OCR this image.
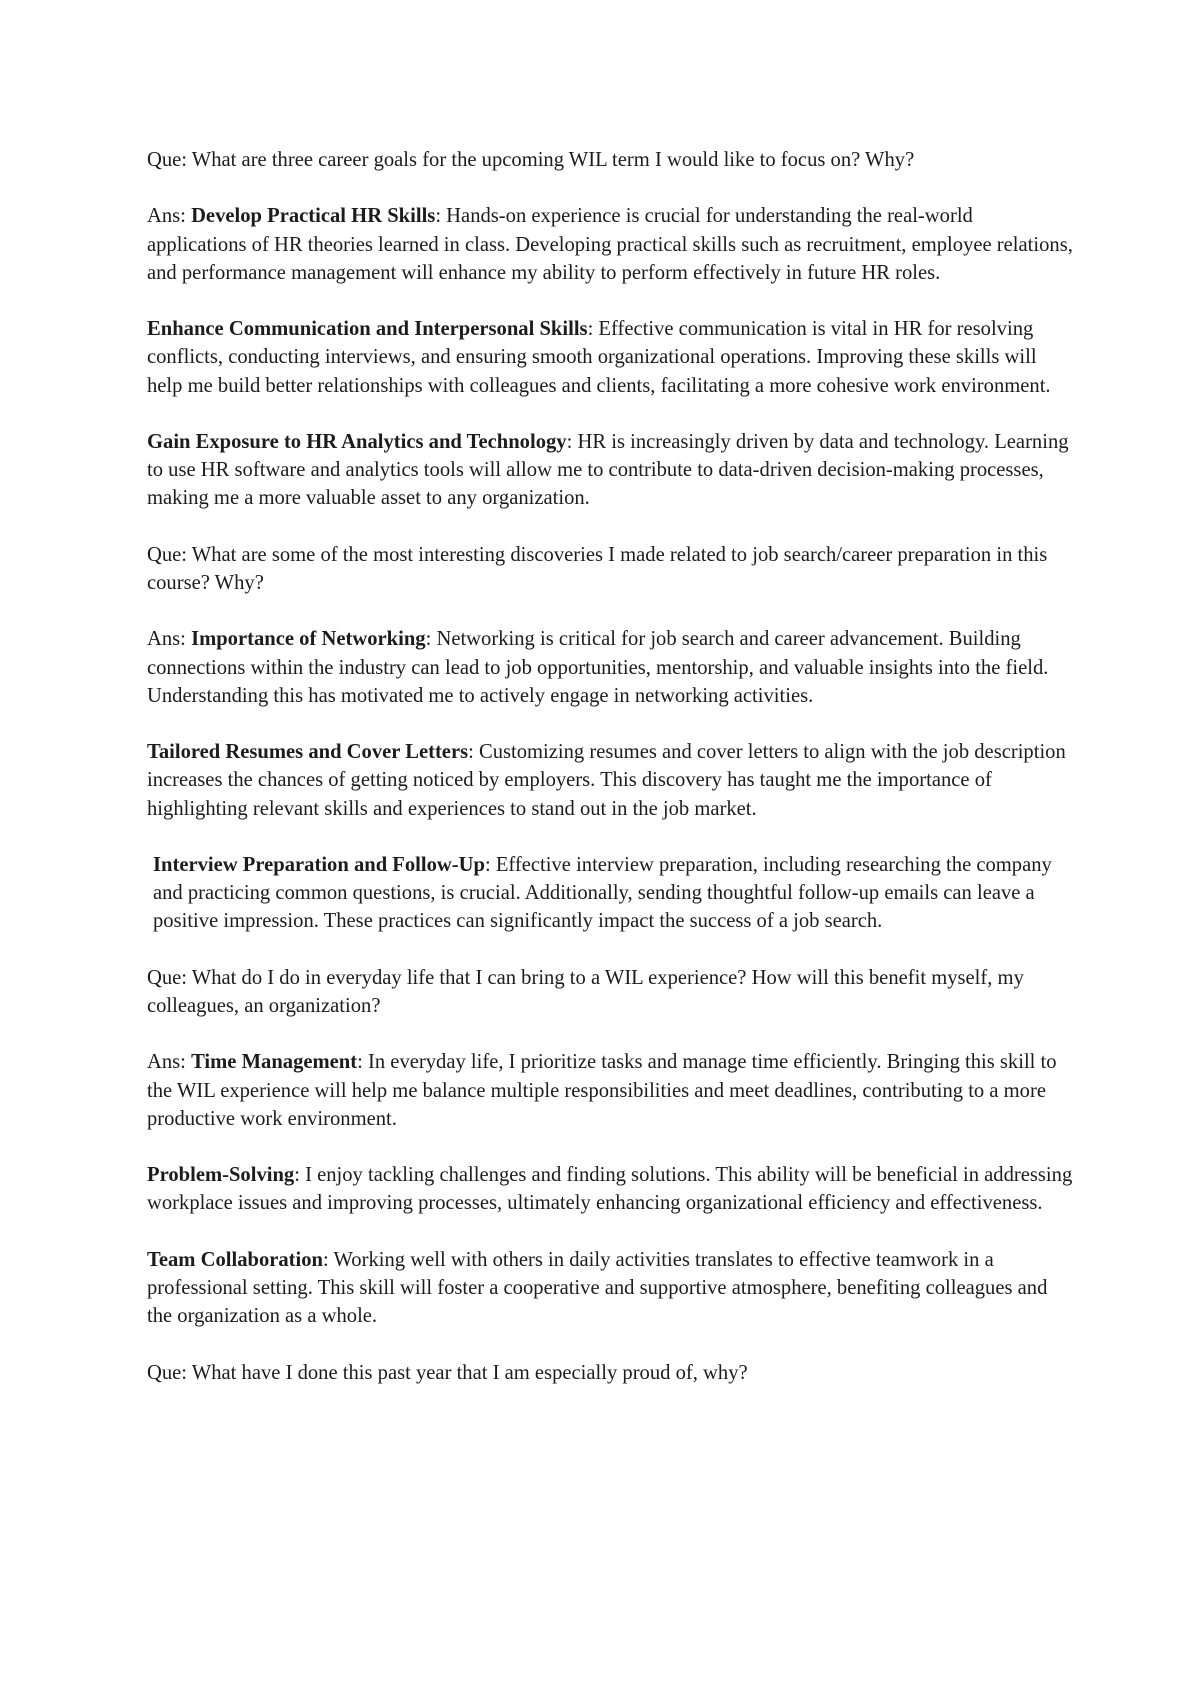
Que: What are three career goals for the upcoming WIL term I would like to focus on? Why?

Ans: Develop Practical HR Skills: Hands-on experience is crucial for understanding the real-world applications of HR theories learned in class. Developing practical skills such as recruitment, employee relations, and performance management will enhance my ability to perform effectively in future HR roles.

Enhance Communication and Interpersonal Skills: Effective communication is vital in HR for resolving conflicts, conducting interviews, and ensuring smooth organizational operations. Improving these skills will help me build better relationships with colleagues and clients, facilitating a more cohesive work environment.

Gain Exposure to HR Analytics and Technology: HR is increasingly driven by data and technology. Learning to use HR software and analytics tools will allow me to contribute to data-driven decision-making processes, making me a more valuable asset to any organization.

Que: What are some of the most interesting discoveries I made related to job search/career preparation in this course? Why?

Ans: Importance of Networking: Networking is critical for job search and career advancement. Building connections within the industry can lead to job opportunities, mentorship, and valuable insights into the field. Understanding this has motivated me to actively engage in networking activities.

Tailored Resumes and Cover Letters: Customizing resumes and cover letters to align with the job description increases the chances of getting noticed by employers. This discovery has taught me the importance of highlighting relevant skills and experiences to stand out in the job market.

Interview Preparation and Follow-Up: Effective interview preparation, including researching the company and practicing common questions, is crucial. Additionally, sending thoughtful follow-up emails can leave a positive impression. These practices can significantly impact the success of a job search.

Que: What do I do in everyday life that I can bring to a WIL experience? How will this benefit myself, my colleagues, an organization?

Ans: Time Management: In everyday life, I prioritize tasks and manage time efficiently. Bringing this skill to the WIL experience will help me balance multiple responsibilities and meet deadlines, contributing to a more productive work environment.

Problem-Solving: I enjoy tackling challenges and finding solutions. This ability will be beneficial in addressing workplace issues and improving processes, ultimately enhancing organizational efficiency and effectiveness.

Team Collaboration: Working well with others in daily activities translates to effective teamwork in a professional setting. This skill will foster a cooperative and supportive atmosphere, benefiting colleagues and the organization as a whole.

Que: What have I done this past year that I am especially proud of, why?
